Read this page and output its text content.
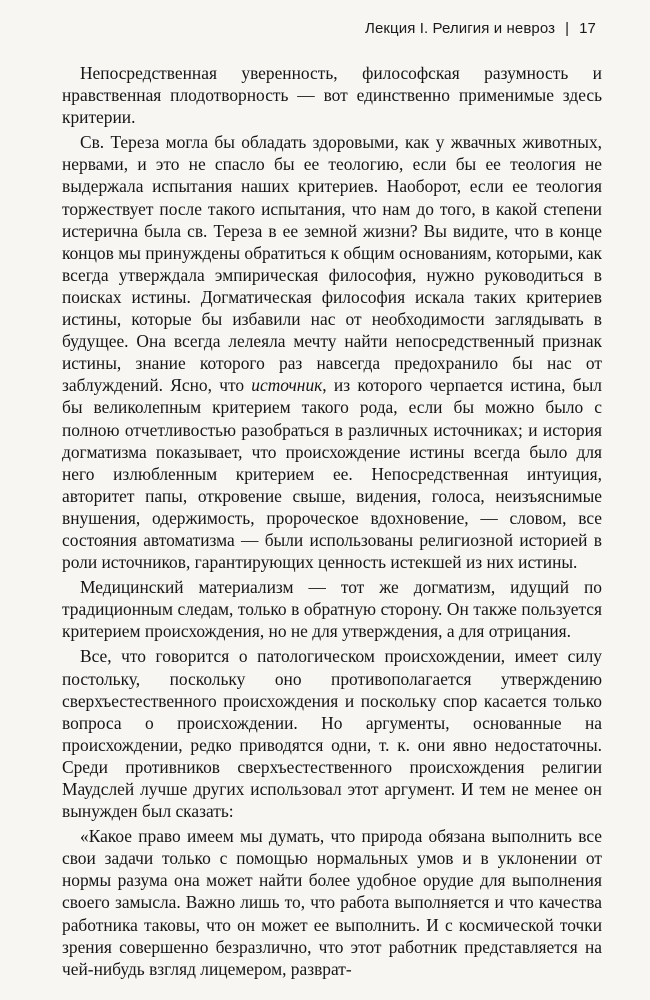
Лекция I. Религия и невроз | 17

Непосредственная уверенность, философская разумность и нравственная плодотворность — вот единственно применимые здесь критерии.

Св. Тереза могла бы обладать здоровыми, как у жвачных животных, нервами, и это не спасло бы ее теологию, если бы ее теология не выдержала испытания наших критериев. Наоборот, если ее теология торжествует после такого испытания, что нам до того, в какой степени истерична была св. Тереза в ее земной жизни? Вы видите, что в конце концов мы принуждены обратиться к общим основаниям, которыми, как всегда утверждала эмпирическая философия, нужно руководиться в поисках истины. Догматическая философия искала таких критериев истины, которые бы избавили нас от необходимости заглядывать в будущее. Она всегда лелеяла мечту найти непосредственный признак истины, знание которого раз навсегда предохранило бы нас от заблуждений. Ясно, что источник, из которого черпается истина, был бы великолепным критерием такого рода, если бы можно было с полною отчетливостью разобраться в различных источниках; и история догматизма показывает, что происхождение истины всегда было для него излюбленным критерием ее. Непосредственная интуиция, авторитет папы, откровение свыше, видения, голоса, неизъяснимые внушения, одержимость, пророческое вдохновение, — словом, все состояния автоматизма — были использованы религиозной историей в роли источников, гарантирующих ценность истекшей из них истины.

Медицинский материализм — тот же догматизм, идущий по традиционным следам, только в обратную сторону. Он также пользуется критерием происхождения, но не для утверждения, а для отрицания.

Все, что говорится о патологическом происхождении, имеет силу постольку, поскольку оно противополагается утверждению сверхъестественного происхождения и поскольку спор касается только вопроса о происхождении. Но аргументы, основанные на происхождении, редко приводятся одни, т. к. они явно недостаточны. Среди противников сверхъестественного происхождения религии Маудслей лучше других использовал этот аргумент. И тем не менее он вынужден был сказать:

«Какое право имеем мы думать, что природа обязана выполнить все свои задачи только с помощью нормальных умов и в уклонении от нормы разума она может найти более удобное орудие для выполнения своего замысла. Важно лишь то, что работа выполняется и что качества работника таковы, что он может ее выполнить. И с космической точки зрения совершенно безразлично, что этот работник представляется на чей-нибудь взгляд лицемером, разврат-
